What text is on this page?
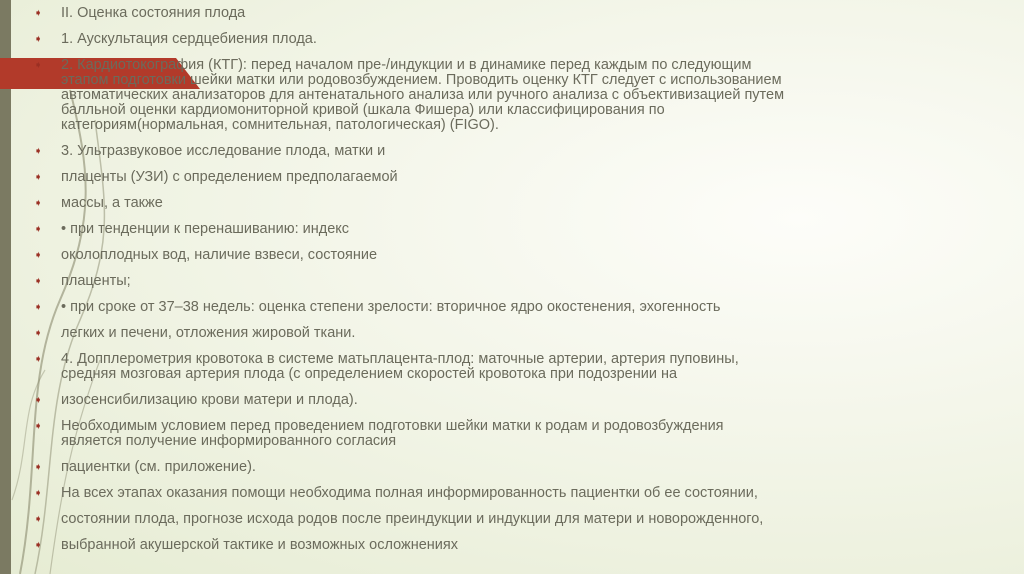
➧ II. Оценка состояния плода
➧ 1. Аускультация сердцебиения плода.
➧ 2. Кардиотокография (КТГ): перед началом пре-/индукции и в динамике перед каждым по следующим
этапом подготовки шейки матки или родовозбуждением. Проводить оценку КТГ следует с использованием
автоматических анализаторов для антенатального анализа или ручного анализа с объективизацией путем
балльной оценки кардиомониторной кривой (шкала Фишера) или классифицирования по
категориям(нормальная, сомнительная, патологическая) (FIGO).
➧ 3. Ультразвуковое исследование плода, матки и
➧ плаценты (УЗИ) с определением предполагаемой
➧ массы, а также
➧ • при тенденции к перенашиванию: индекс
➧ околоплодных вод, наличие взвеси, состояние
➧ плаценты;
➧ • при сроке от 37–38 недель: оценка степени зрелости: вторичное ядро окостенения, эхогенность
➧ легких и печени, отложения жировой ткани.
➧ 4. Допплерометрия кровотока в системе матьплацента-плод: маточные артерии, артерия пуповины,
средняя мозговая артерия плода (с определением скоростей кровотока при подозрении на
➧ изосенсибилизацию крови матери и плода).
➧ Необходимым условием перед проведением подготовки шейки матки к родам и родовозбуждения
является получение информированного согласия
➧ пациентки (см. приложение).
➧ На всех этапах оказания помощи необходима полная информированность пациентки об ее состоянии,
➧ состоянии плода, прогнозе исхода родов после преиндукции и индукции для матери и новорожденного,
➧ выбранной акушерской тактике и возможных осложнениях
